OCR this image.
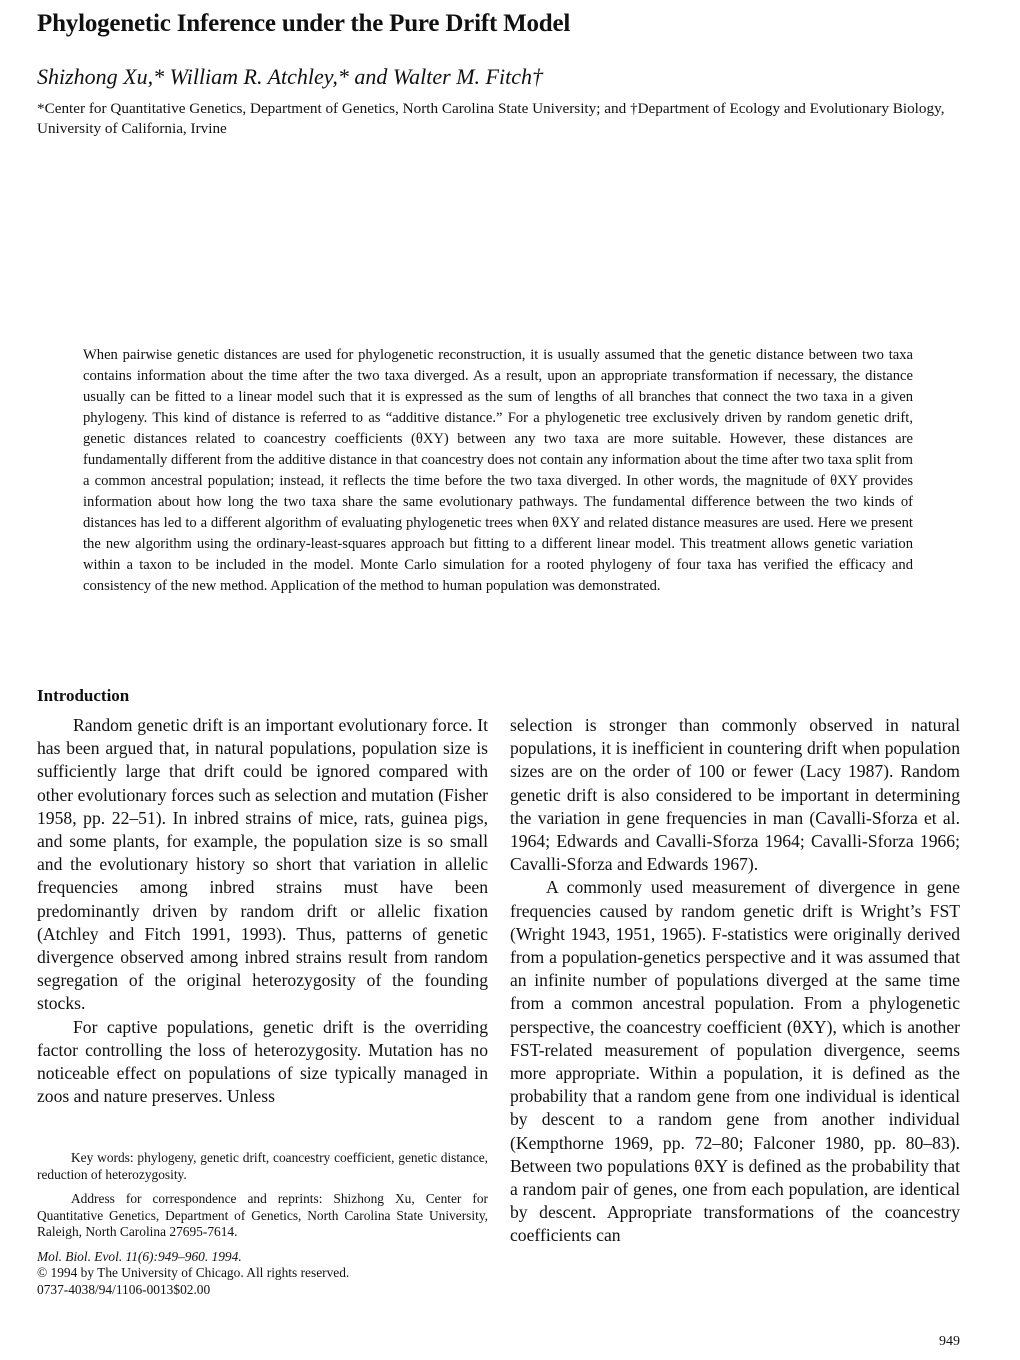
Phylogenetic Inference under the Pure Drift Model

Shizhong Xu,* William R. Atchley,* and Walter M. Fitch†

*Center for Quantitative Genetics, Department of Genetics, North Carolina State University; and †Department of Ecology and Evolutionary Biology, University of California, Irvine

When pairwise genetic distances are used for phylogenetic reconstruction, it is usually assumed that the genetic distance between two taxa contains information about the time after the two taxa diverged. As a result, upon an appropriate transformation if necessary, the distance usually can be fitted to a linear model such that it is expressed as the sum of lengths of all branches that connect the two taxa in a given phylogeny. This kind of distance is referred to as “additive distance.” For a phylogenetic tree exclusively driven by random genetic drift, genetic distances related to coancestry coefficients (θXY) between any two taxa are more suitable. However, these distances are fundamentally different from the additive distance in that coancestry does not contain any information about the time after two taxa split from a common ancestral population; instead, it reflects the time before the two taxa diverged. In other words, the magnitude of θXY provides information about how long the two taxa share the same evolutionary pathways. The fundamental difference between the two kinds of distances has led to a different algorithm of evaluating phylogenetic trees when θXY and related distance measures are used. Here we present the new algorithm using the ordinary-least-squares approach but fitting to a different linear model. This treatment allows genetic variation within a taxon to be included in the model. Monte Carlo simulation for a rooted phylogeny of four taxa has verified the efficacy and consistency of the new method. Application of the method to human population was demonstrated.

Introduction

Random genetic drift is an important evolutionary force. It has been argued that, in natural populations, population size is sufficiently large that drift could be ignored compared with other evolutionary forces such as selection and mutation (Fisher 1958, pp. 22–51). In inbred strains of mice, rats, guinea pigs, and some plants, for example, the population size is so small and the evolutionary history so short that variation in allelic frequencies among inbred strains must have been predominantly driven by random drift or allelic fixation (Atchley and Fitch 1991, 1993). Thus, patterns of genetic divergence observed among inbred strains result from random segregation of the original heterozygosity of the founding stocks.

For captive populations, genetic drift is the overriding factor controlling the loss of heterozygosity. Mutation has no noticeable effect on populations of size typically managed in zoos and nature preserves. Unless

selection is stronger than commonly observed in natural populations, it is inefficient in countering drift when population sizes are on the order of 100 or fewer (Lacy 1987). Random genetic drift is also considered to be important in determining the variation in gene frequencies in man (Cavalli-Sforza et al. 1964; Edwards and Cavalli-Sforza 1964; Cavalli-Sforza 1966; Cavalli-Sforza and Edwards 1967).

A commonly used measurement of divergence in gene frequencies caused by random genetic drift is Wright’s FST (Wright 1943, 1951, 1965). F-statistics were originally derived from a population-genetics perspective and it was assumed that an infinite number of populations diverged at the same time from a common ancestral population. From a phylogenetic perspective, the coancestry coefficient (θXY), which is another FST-related measurement of population divergence, seems more appropriate. Within a population, it is defined as the probability that a random gene from one individual is identical by descent to a random gene from another individual (Kempthorne 1969, pp. 72–80; Falconer 1980, pp. 80–83). Between two populations θXY is defined as the probability that a random pair of genes, one from each population, are identical by descent. Appropriate transformations of the coancestry coefficients can

Key words: phylogeny, genetic drift, coancestry coefficient, genetic distance, reduction of heterozygosity.

Address for correspondence and reprints: Shizhong Xu, Center for Quantitative Genetics, Department of Genetics, North Carolina State University, Raleigh, North Carolina 27695-7614.

Mol. Biol. Evol. 11(6):949–960. 1994.

© 1994 by The University of Chicago. All rights reserved.

0737-4038/94/1106-0013$02.00

949
